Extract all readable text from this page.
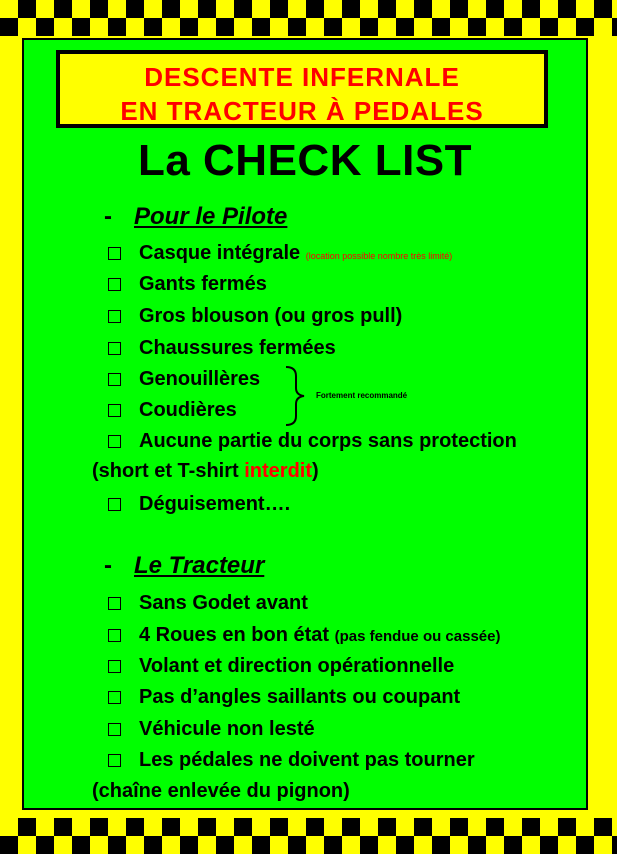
DESCENTE INFERNALE
EN TRACTEUR À PEDALES
La CHECK LIST
- Pour le Pilote
Casque intégrale (location possible nombre très limité)
Gants fermés
Gros blouson (ou gros pull)
Chaussures fermées
Genouillères
Coudières
Fortement recommandé
Aucune partie du corps sans protection
(short et T-shirt interdit)
Déguisement….
- Le Tracteur
Sans Godet avant
4 Roues en bon état (pas fendue ou cassée)
Volant et direction opérationnelle
Pas d’angles saillants ou coupant
Véhicule non lesté
Les pédales ne doivent pas tourner
(chaîne enlevée du pignon)
